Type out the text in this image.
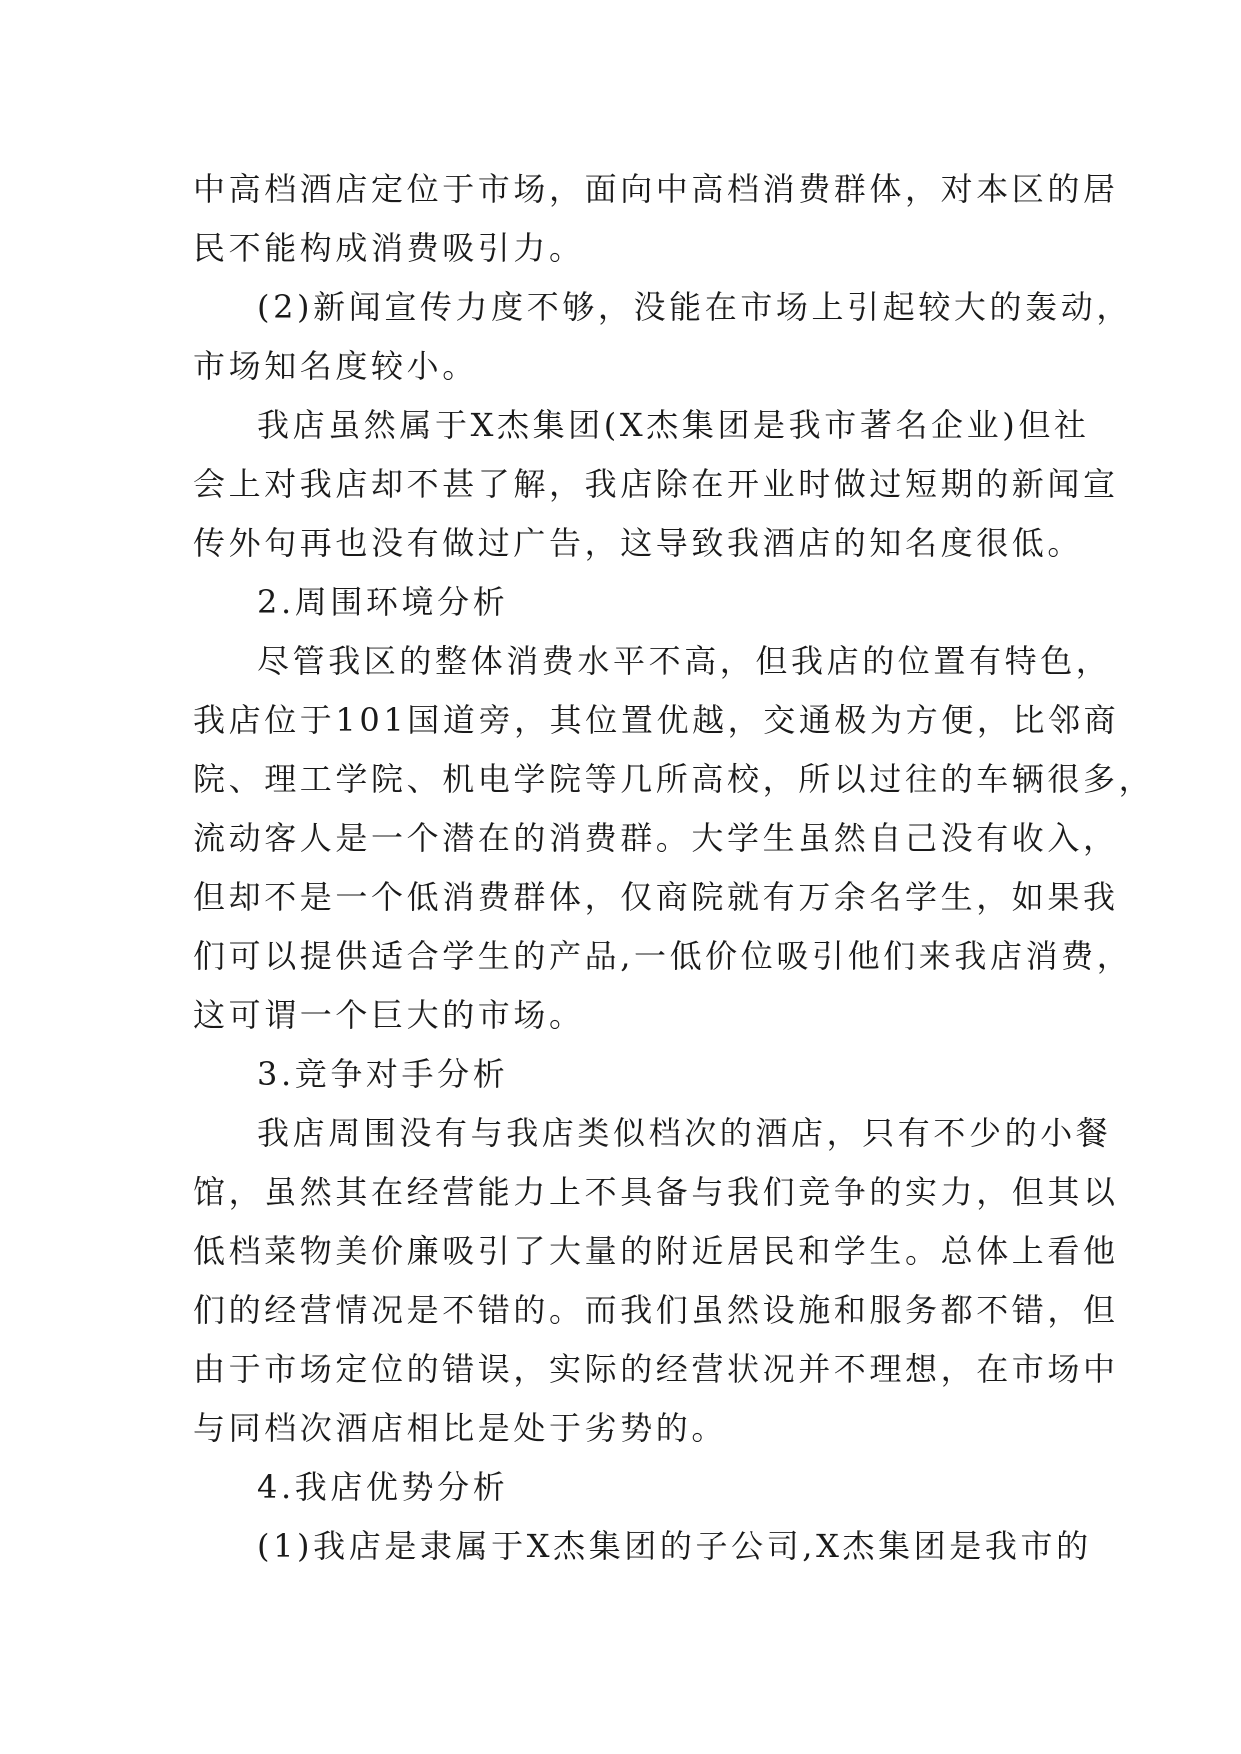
中高档酒店定位于市场，面向中高档消费群体，对本区的居
民不能构成消费吸引力。
(2)新闻宣传力度不够，没能在市场上引起较大的轰动，
市场知名度较小。
我店虽然属于X杰集团(X杰集团是我市著名企业)但社
会上对我店却不甚了解，我店除在开业时做过短期的新闻宣
传外句再也没有做过广告，这导致我酒店的知名度很低。
2.周围环境分析
尽管我区的整体消费水平不高，但我店的位置有特色，
我店位于101国道旁，其位置优越，交通极为方便，比邻商
院、理工学院、机电学院等几所高校，所以过往的车辆很多，
流动客人是一个潜在的消费群。大学生虽然自己没有收入，
但却不是一个低消费群体，仅商院就有万余名学生，如果我
们可以提供适合学生的产品,一低价位吸引他们来我店消费，
这可谓一个巨大的市场。
3.竞争对手分析
我店周围没有与我店类似档次的酒店，只有不少的小餐
馆，虽然其在经营能力上不具备与我们竞争的实力，但其以
低档菜物美价廉吸引了大量的附近居民和学生。总体上看他
们的经营情况是不错的。而我们虽然设施和服务都不错，但
由于市场定位的错误，实际的经营状况并不理想，在市场中
与同档次酒店相比是处于劣势的。
4.我店优势分析
(1)我店是隶属于X杰集团的子公司,X杰集团是我市的
